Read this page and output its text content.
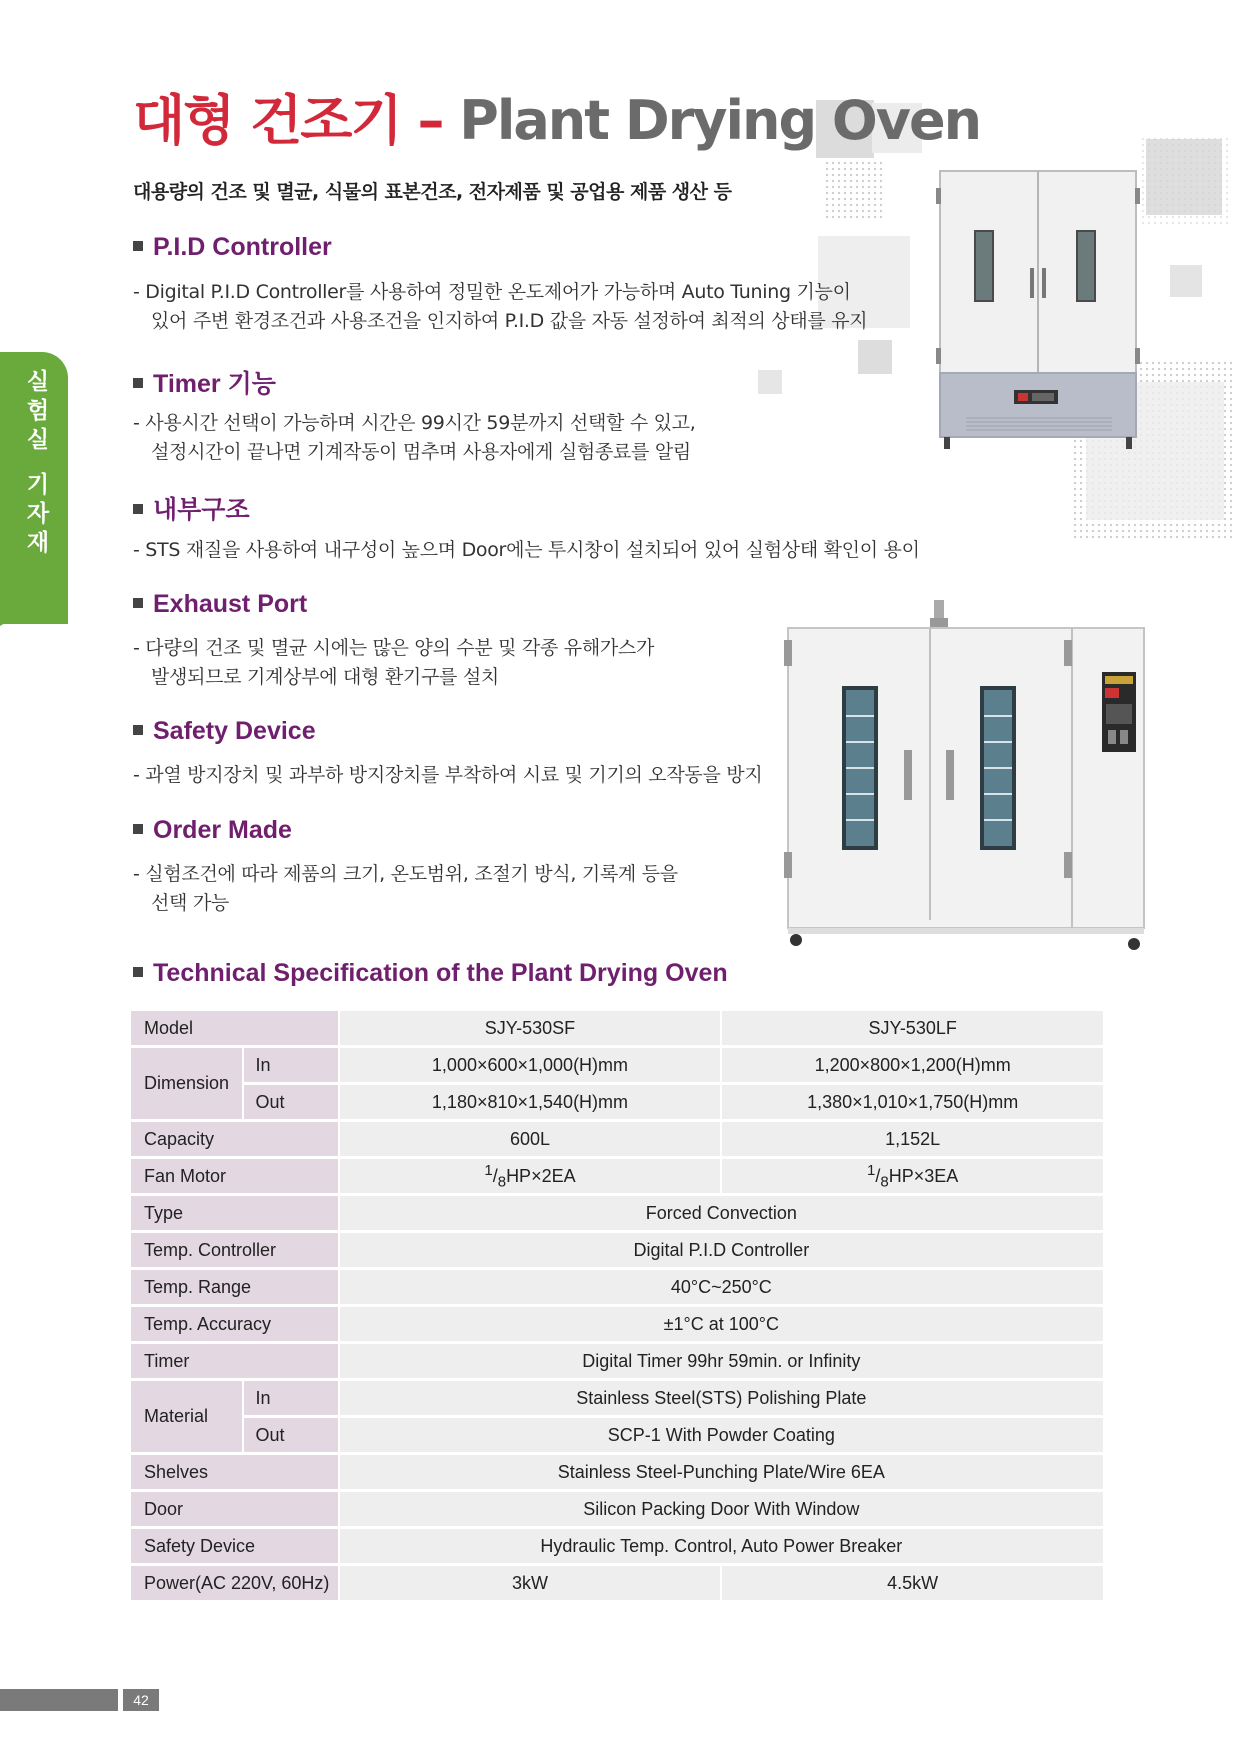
대형 건조기 – Plant Drying Oven

대용량의 건조 및 멸균, 식물의 표본건조, 전자제품 및 공업용 제품 생산 등

실
험
실
기
자
재
P.I.D Controller

- Digital P.I.D Controller를 사용하여 정밀한 온도제어가 가능하며 Auto Tuning 기능이
있어 주변 환경조건과 사용조건을 인지하여 P.I.D 값을 자동 설정하여 최적의 상태를 유지

Timer 기능

- 사용시간 선택이 가능하며 시간은 99시간 59분까지 선택할 수 있고,
설정시간이 끝나면 기계작동이 멈추며 사용자에게 실험종료를 알림

내부구조

- STS 재질을 사용하여 내구성이 높으며 Door에는 투시창이 설치되어 있어 실험상태 확인이 용이

Exhaust Port

- 다량의 건조 및 멸균 시에는 많은 양의 수분 및 각종 유해가스가
발생되므로 기계상부에 대형 환기구를 설치

Safety Device

- 과열 방지장치 및 과부하 방지장치를 부착하여 시료 및 기기의 오작동을 방지

Order Made

- 실험조건에 따라 제품의 크기, 온도범위, 조절기 방식, 기록계 등을
선택 가능

Technical Specification of the Plant Drying Oven
Model		SJY-530SF	SJY-530LF
Dimension	In	1,000×600×1,000(H)mm	1,200×800×1,200(H)mm
	Out	1,180×810×1,540(H)mm	1,380×1,010×1,750(H)mm
Capacity		600L	1,152L
Fan Motor		$^1/_8HP\times 2EA$	$^1/_8HP\times 3EA$
Type		Forced Convection	
Temp. Controller		Digital P.I.D Controller	
Temp. Range		40°C~250°C	
Temp. Accuracy		±1°C at 100°C	
Timer		Digital Timer 99hr 59min. or Infinity	
Material	In	Stainless Steel(STS) Polishing Plate	
	Out	SCP-1 With Powder Coating	
Shelves		Stainless Steel-Punching Plate/Wire 6EA	
Door		Silicon Packing Door With Window	
Safety Device		Hydraulic Temp. Control, Auto Power Breaker	
Power(AC 220V, 60Hz)		3kW	4.5kW
42
